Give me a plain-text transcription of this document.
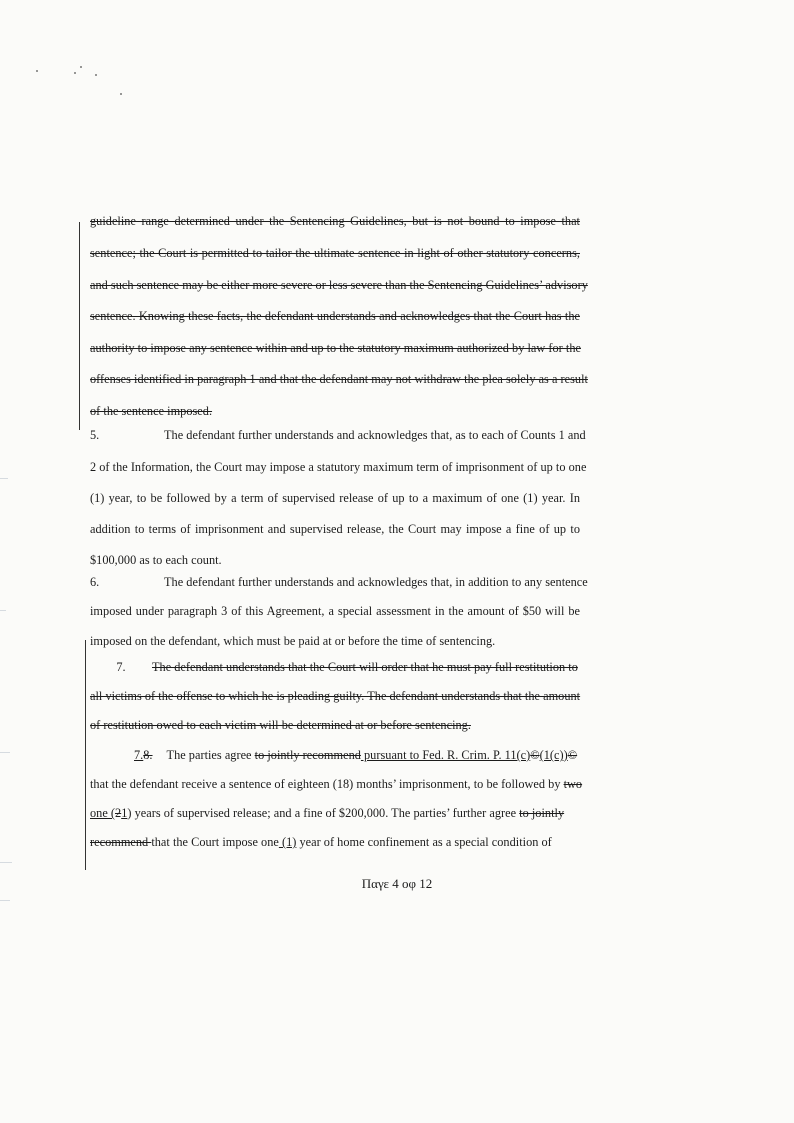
guideline range determined under the Sentencing Guidelines, but is not bound to impose that
sentence; the Court is permitted to tailor the ultimate sentence in light of other statutory concerns,
and such sentence may be either more severe or less severe than the Sentencing Guidelines’ advisory
sentence. Knowing these facts, the defendant understands and acknowledges that the Court has the
authority to impose any sentence within and up to the statutory maximum authorized by law for the
offenses identified in paragraph 1 and that the defendant may not withdraw the plea solely as a result
of the sentence imposed.
5.	The defendant further understands and acknowledges that, as to each of Counts 1 and
2 of the Information, the Court may impose a statutory maximum term of imprisonment of up to one
(1) year, to be followed by a term of supervised release of up to a maximum of one (1) year. In
addition to terms of imprisonment and supervised release, the Court may impose a fine of up to
$100,000 as to each count.
6.	The defendant further understands and acknowledges that, in addition to any sentence
imposed under paragraph 3 of this Agreement, a special assessment in the amount of $50 will be
imposed on the defendant, which must be paid at or before the time of sentencing.
7. The defendant understands that the Court will order that he must pay full restitution to
all victims of the offense to which he is pleading guilty. The defendant understands that the amount
of restitution owed to each victim will be determined at or before sentencing.
7.8. The parties agree to jointly recommend pursuant to Fed. R. Crim. P. 11(c)©(1(c))©
that the defendant receive a sentence of eighteen (18) months’ imprisonment, to be followed by two
one (21) years of supervised release; and a fine of $200,000. The parties’ further agree to jointly
recommend that the Court impose one (1) year of home confinement as a special condition of
Παγε 4 οφ 12
